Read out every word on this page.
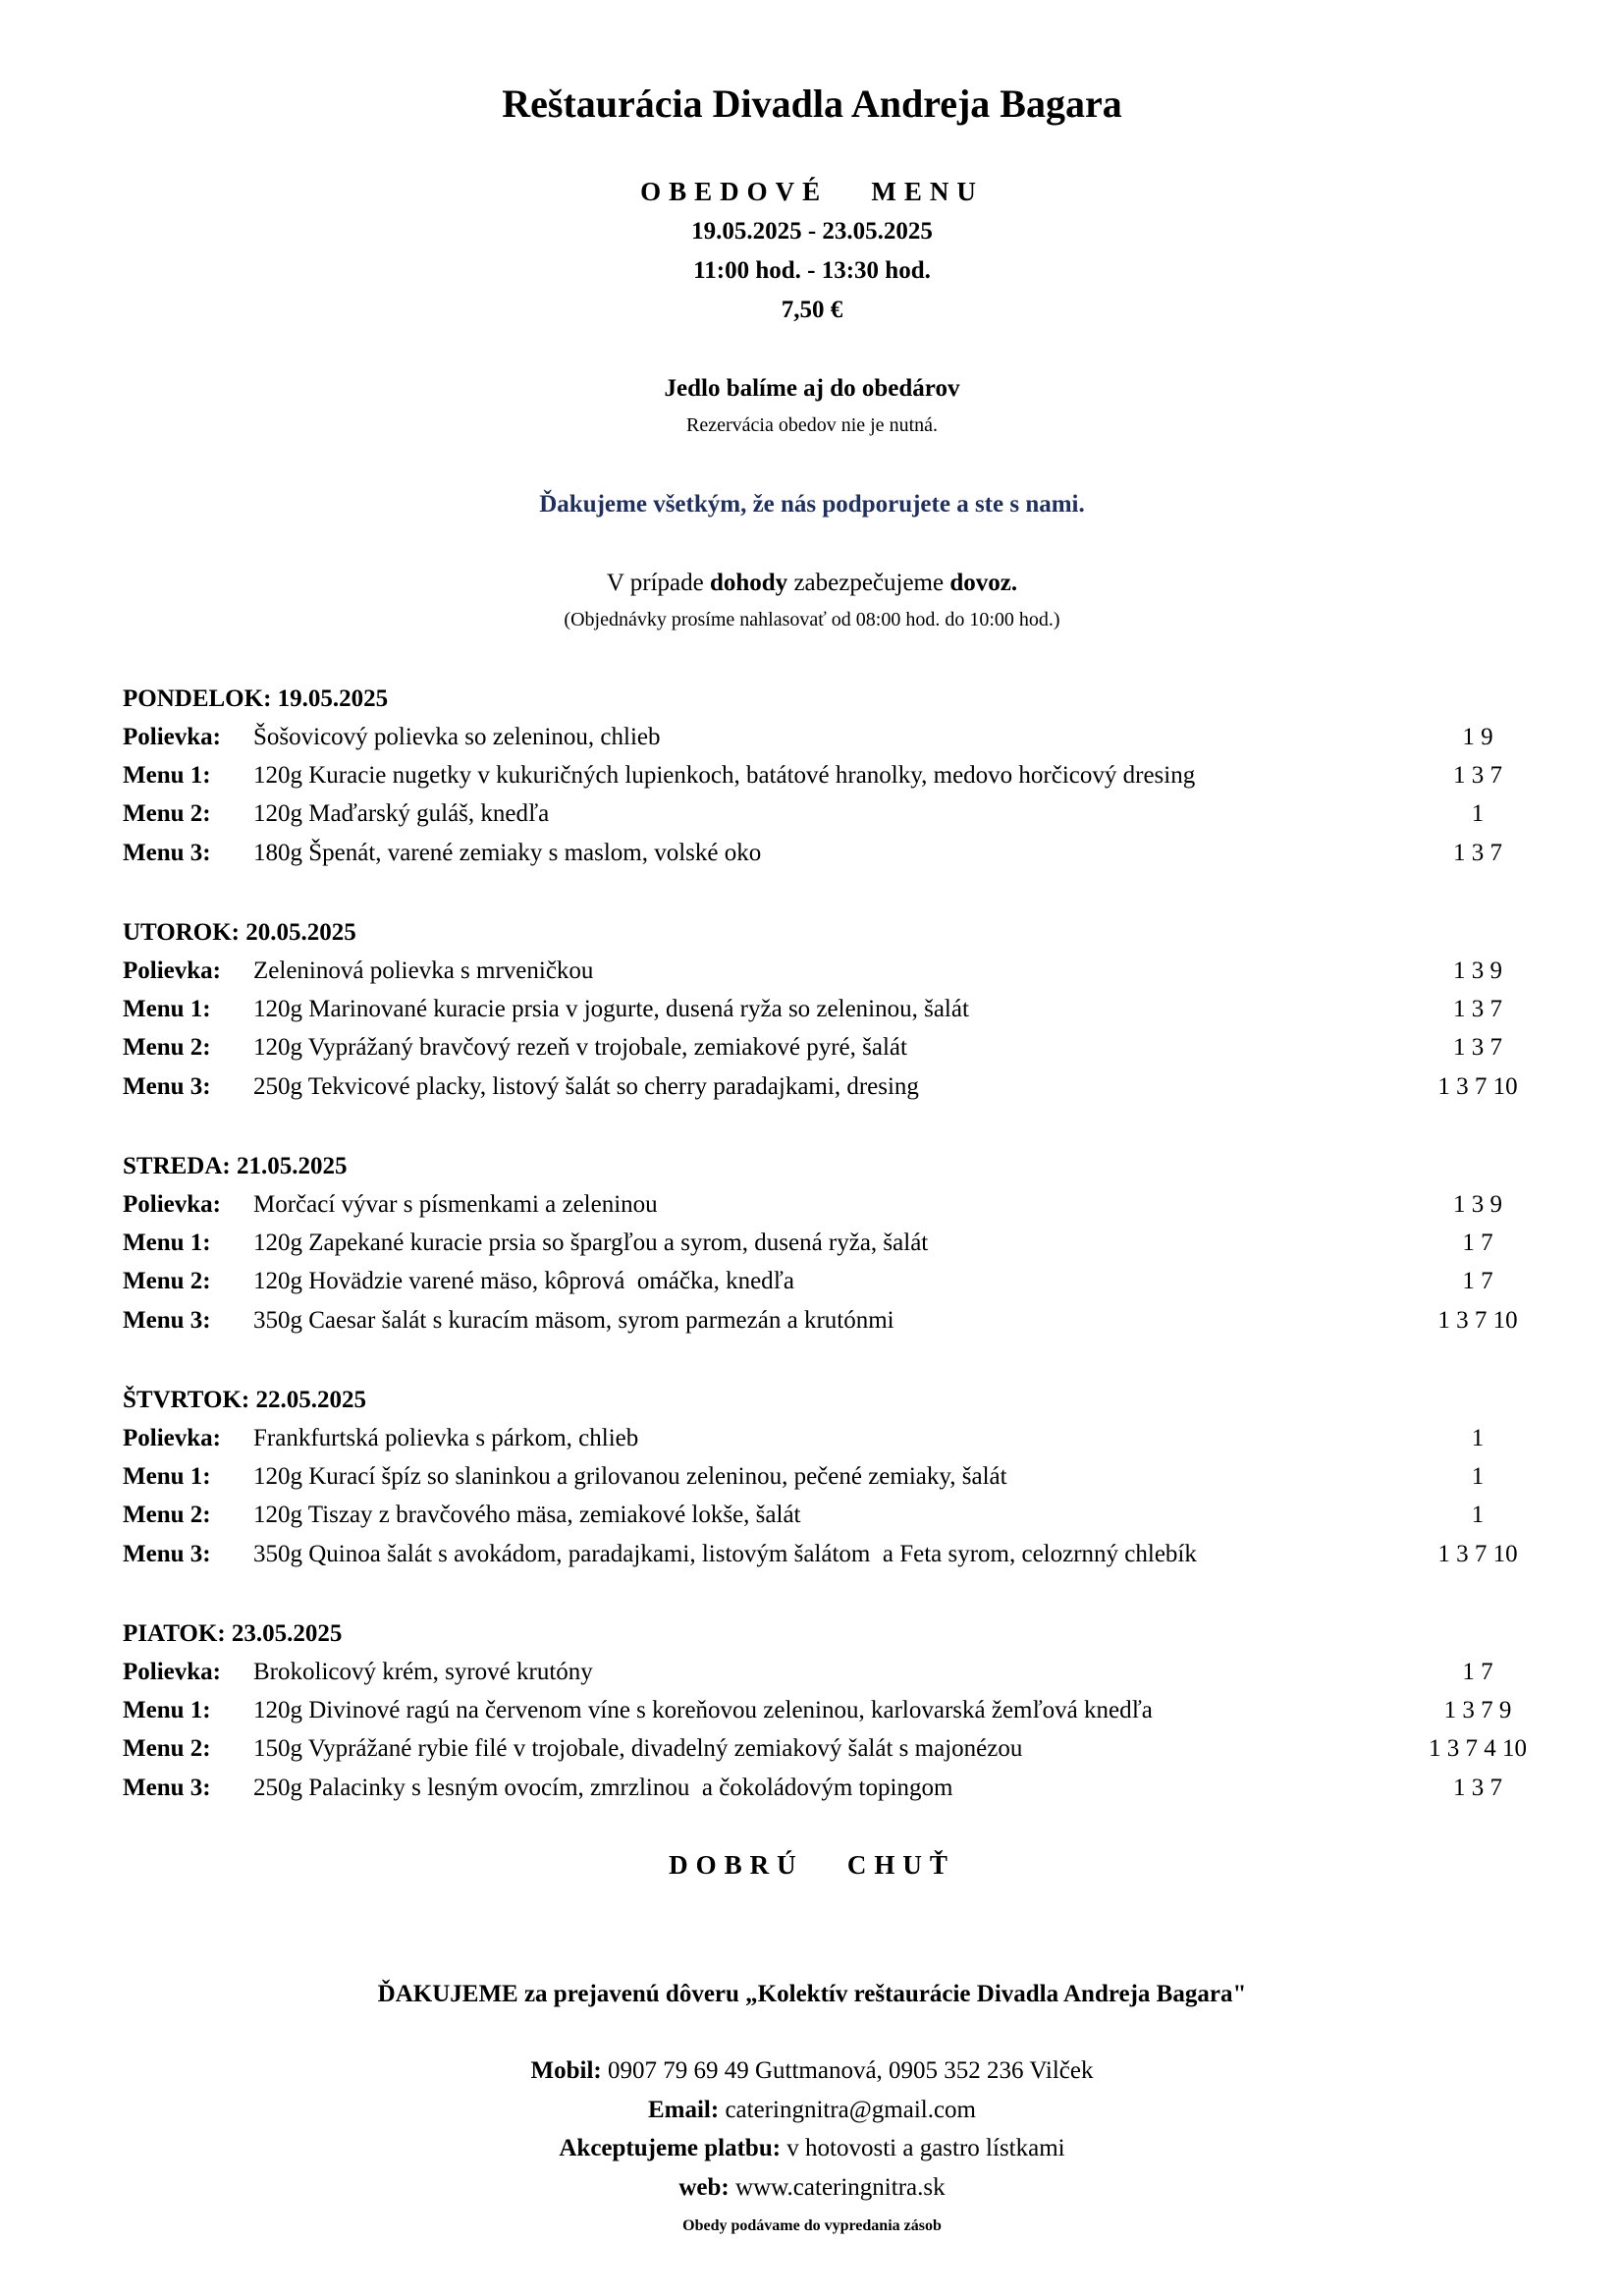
Reštaurácia Divadla Andreja Bagara
OBEDOVÉ   MENU
19.05.2025 - 23.05.2025
11:00 hod. - 13:30 hod.
7,50 €
Jedlo balíme aj do obedárov
Rezervácia obedov nie je nutná.
Ďakujeme všetkým, že nás podporujete a ste s nami.
V prípade dohody zabezpečujeme dovoz.
(Objednávky prosíme nahlasovať od 08:00 hod. do 10:00 hod.)
PONDELOK: 19.05.2025
Polievka: Šošovicový polievka so zeleninou, chlieb	1 9
Menu 1: 120g Kuracie nugetky v kukuričných lupienkoch, batátové hranolky, medovo horčicový dresing	1 3 7
Menu 2: 120g Maďarský guláš, knedľa	1
Menu 3: 180g Špenát, varené zemiaky s maslom, volské oko	1 3 7
UTOROK: 20.05.2025
Polievka: Zeleninová polievka s mrveničkou	1 3 9
Menu 1: 120g Marinované kuracie prsia v jogurte, dusená ryža so zeleninou, šalát	1 3 7
Menu 2: 120g Vyprážaný bravčový rezeň v trojobale, zemiakové pyré, šalát	1 3 7
Menu 3: 250g Tekvicové placky, listový šalát so cherry paradajkami, dresing	1 3 7 10
STREDA: 21.05.2025
Polievka: Morčací vývar s písmenkami a zeleninou	1 3 9
Menu 1: 120g Zapekané kuracie prsia so špargľou a syrom, dusená ryža, šalát	1 7
Menu 2: 120g Hovädzie varené mäso, kôprová  omáčka, knedľa	1 7
Menu 3: 350g Caesar šalát s kuracím mäsom, syrom parmezán a krutónmi	1 3 7 10
ŠTVRTOK: 22.05.2025
Polievka: Frankfurtská polievka s párkom, chlieb	1
Menu 1: 120g Kurací špíz so slaninkou a grilovanou zeleninou, pečené zemiaky, šalát	1
Menu 2: 120g Tiszay z bravčového mäsa, zemiakové lokše, šalát	1
Menu 3: 350g Quinoa šalát s avokádom, paradajkami, listovým šalátom  a Feta syrom, celozrnný chlebík	1 3 7 10
PIATOK: 23.05.2025
Polievka: Brokolicový krém, syrové krutóny	1 7
Menu 1: 120g Divinové ragú na červenom víne s koreňovou zeleninou, karlovarská žemľová knedľa	1 3 7 9
Menu 2: 150g Vyprážané rybie filé v trojobale, divadelný zemiakový šalát s majonézou	1 3 7 4 10
Menu 3: 250g Palacinky s lesným ovocím, zmrzlinou  a čokoládovým topingom	1 3 7
DOBRÚ   CHUŤ
ĎAKUJEME za prejavenú dôveru „Kolektív reštaurácie Divadla Andreja Bagara"
Mobil: 0907 79 69 49 Guttmanová, 0905 352 236 Vilček
Email: cateringnitra@gmail.com
Akceptujeme platbu: v hotovosti a gastro lístkami
web: www.cateringnitra.sk
Obedy podávame do vypredania zásob
